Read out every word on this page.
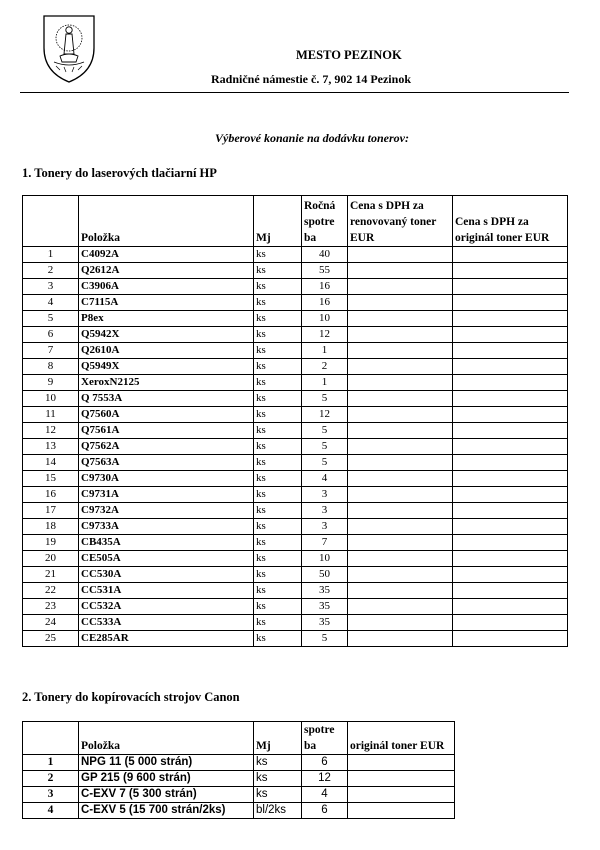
MESTO PEZINOK
Radničné námestie č. 7, 902 14 Pezinok
Výberové konanie na dodávku tonerov:
1. Tonery do laserových tlačiarní HP
	Položka	Mj	Ročná spotre ba	Cena s DPH za renovovaný toner EUR	Cena s DPH za originál toner EUR
1	C4092A	ks	40		
2	Q2612A	ks	55		
3	C3906A	ks	16		
4	C7115A	ks	16		
5	P8ex	ks	10		
6	Q5942X	ks	12		
7	Q2610A	ks	1		
8	Q5949X	ks	2		
9	XeroxN2125	ks	1		
10	Q 7553A	ks	5		
11	Q7560A	ks	12		
12	Q7561A	ks	5		
13	Q7562A	ks	5		
14	Q7563A	ks	5		
15	C9730A	ks	4		
16	C9731A	ks	3		
17	C9732A	ks	3		
18	C9733A	ks	3		
19	CB435A	ks	7		
20	CE505A	ks	10		
21	CC530A	ks	50		
22	CC531A	ks	35		
23	CC532A	ks	35		
24	CC533A	ks	35		
25	CE285AR	ks	5		
2. Tonery do kopírovacích strojov Canon
	Položka	Mj	spotre ba	originál toner EUR
1	NPG 11 (5 000 strán)	ks	6	
2	GP 215 (9 600 strán)	ks	12	
3	C-EXV 7 (5 300 strán)	ks	4	
4	C-EXV 5 (15 700 strán/2ks)	bl/2ks	6	
